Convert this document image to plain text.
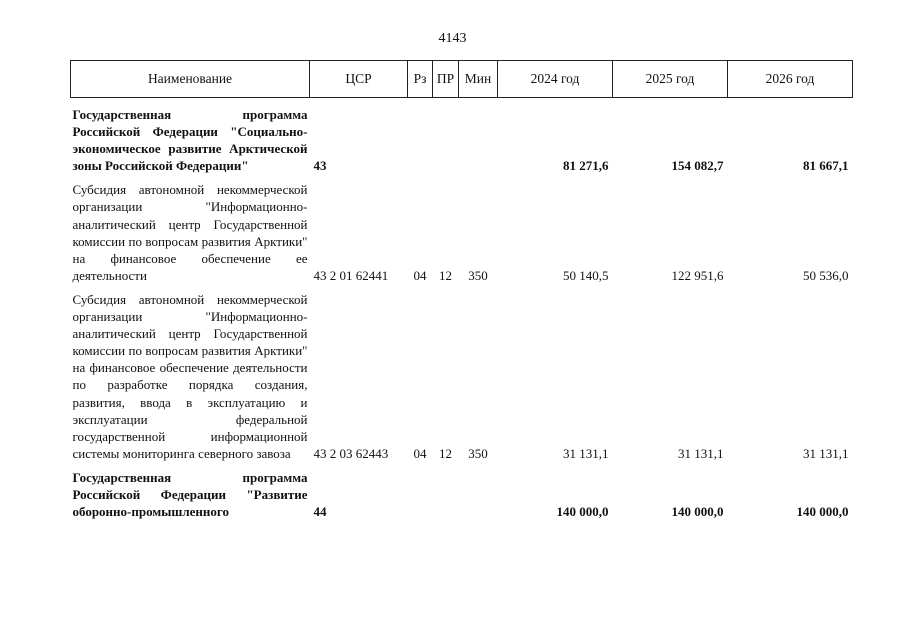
4143
Наименование	ЦСР	Рз	ПР	Мин	2024 год	2025 год	2026 год
Государственная программа Российской Федерации "Социально-экономическое развитие Арктической зоны Российской Федерации"	43				81 271,6	154 082,7	81 667,1
Субсидия автономной некоммерческой организации "Информационно-аналитический центр Государственной комиссии по вопросам развития Арктики" на финансовое обеспечение ее деятельности	43 2 01 62441	04	12	350	50 140,5	122 951,6	50 536,0
Субсидия автономной некоммерческой организации "Информационно-аналитический центр Государственной комиссии по вопросам развития Арктики" на финансовое обеспечение деятельности по разработке порядка создания, развития, ввода в эксплуатацию и эксплуатации федеральной государственной информационной системы мониторинга северного завоза	43 2 03 62443	04	12	350	31 131,1	31 131,1	31 131,1
Государственная программа Российской Федерации "Развитие оборонно-промышленного	44				140 000,0	140 000,0	140 000,0
